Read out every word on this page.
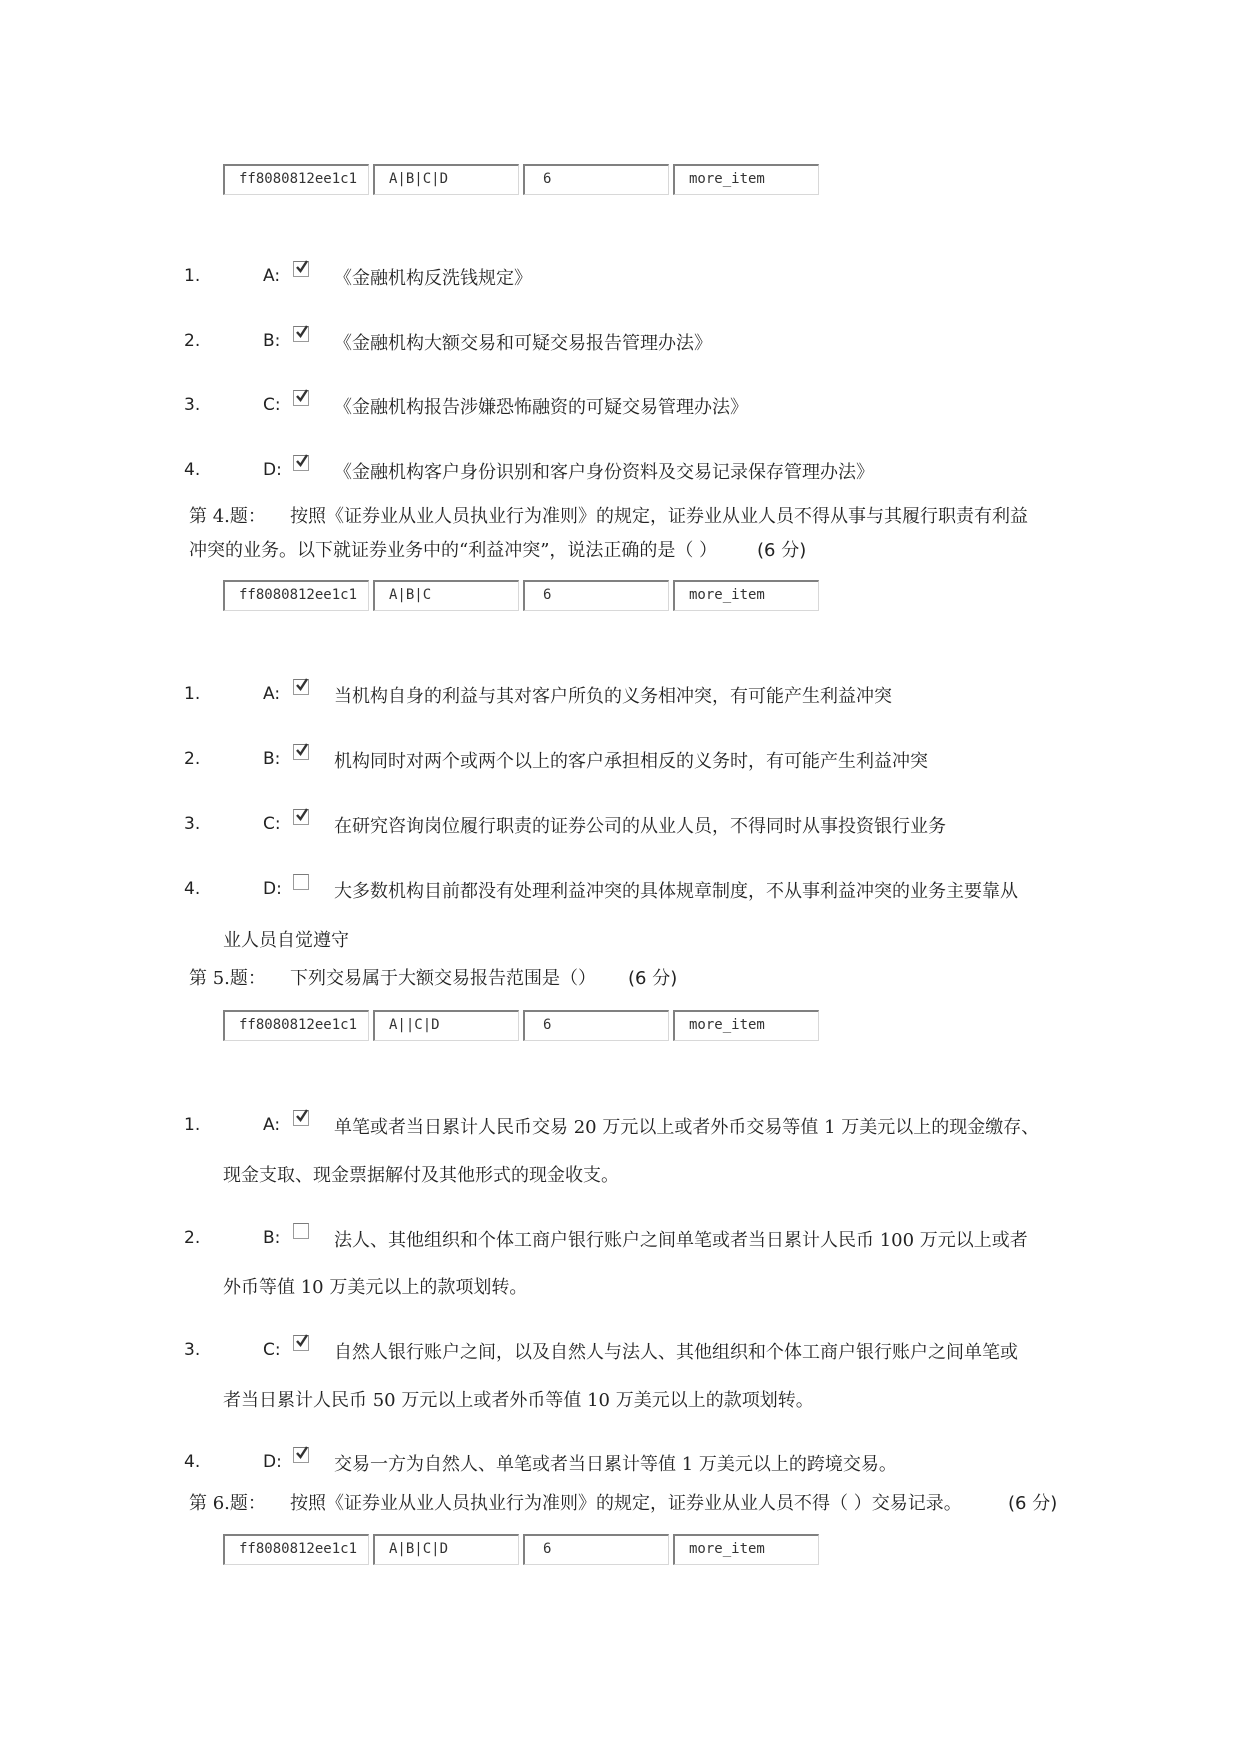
ff8080812ee1c1	A|B|C|D	6	more_item
1.	A:	《金融机构反洗钱规定》
2.	B:	《金融机构大额交易和可疑交易报告管理办法》
3.	C:	《金融机构报告涉嫌恐怖融资的可疑交易管理办法》
4.	D:	《金融机构客户身份识别和客户身份资料及交易记录保存管理办法》
第 4.题： 按照《证券业从业人员执业行为准则》的规定，证券业从业人员不得从事与其履行职责有利益
冲突的业务。以下就证券业务中的“利益冲突”，说法正确的是（ ） (6 分)
ff8080812ee1c1	A|B|C	6	more_item
1.	A:	当机构自身的利益与其对客户所负的义务相冲突，有可能产生利益冲突
2.	B:	机构同时对两个或两个以上的客户承担相反的义务时，有可能产生利益冲突
3.	C:	在研究咨询岗位履行职责的证券公司的从业人员，不得同时从事投资银行业务
4.	D:	大多数机构目前都没有处理利益冲突的具体规章制度，不从事利益冲突的业务主要靠从
业人员自觉遵守
第 5.题： 下列交易属于大额交易报告范围是（） (6 分)
ff8080812ee1c1	A||C|D	6	more_item
1.	A:	单笔或者当日累计人民币交易 20 万元以上或者外币交易等值 1 万美元以上的现金缴存、
现金支取、现金票据解付及其他形式的现金收支。
2.	B:	法人、其他组织和个体工商户银行账户之间单笔或者当日累计人民币 100 万元以上或者
外币等值 10 万美元以上的款项划转。
3.	C:	自然人银行账户之间，以及自然人与法人、其他组织和个体工商户银行账户之间单笔或
者当日累计人民币 50 万元以上或者外币等值 10 万美元以上的款项划转。
4.	D:	交易一方为自然人、单笔或者当日累计等值 1 万美元以上的跨境交易。
第 6.题： 按照《证券业从业人员执业行为准则》的规定，证券业从业人员不得（ ）交易记录。	(6 分)
ff8080812ee1c1	A|B|C|D	6	more_item
